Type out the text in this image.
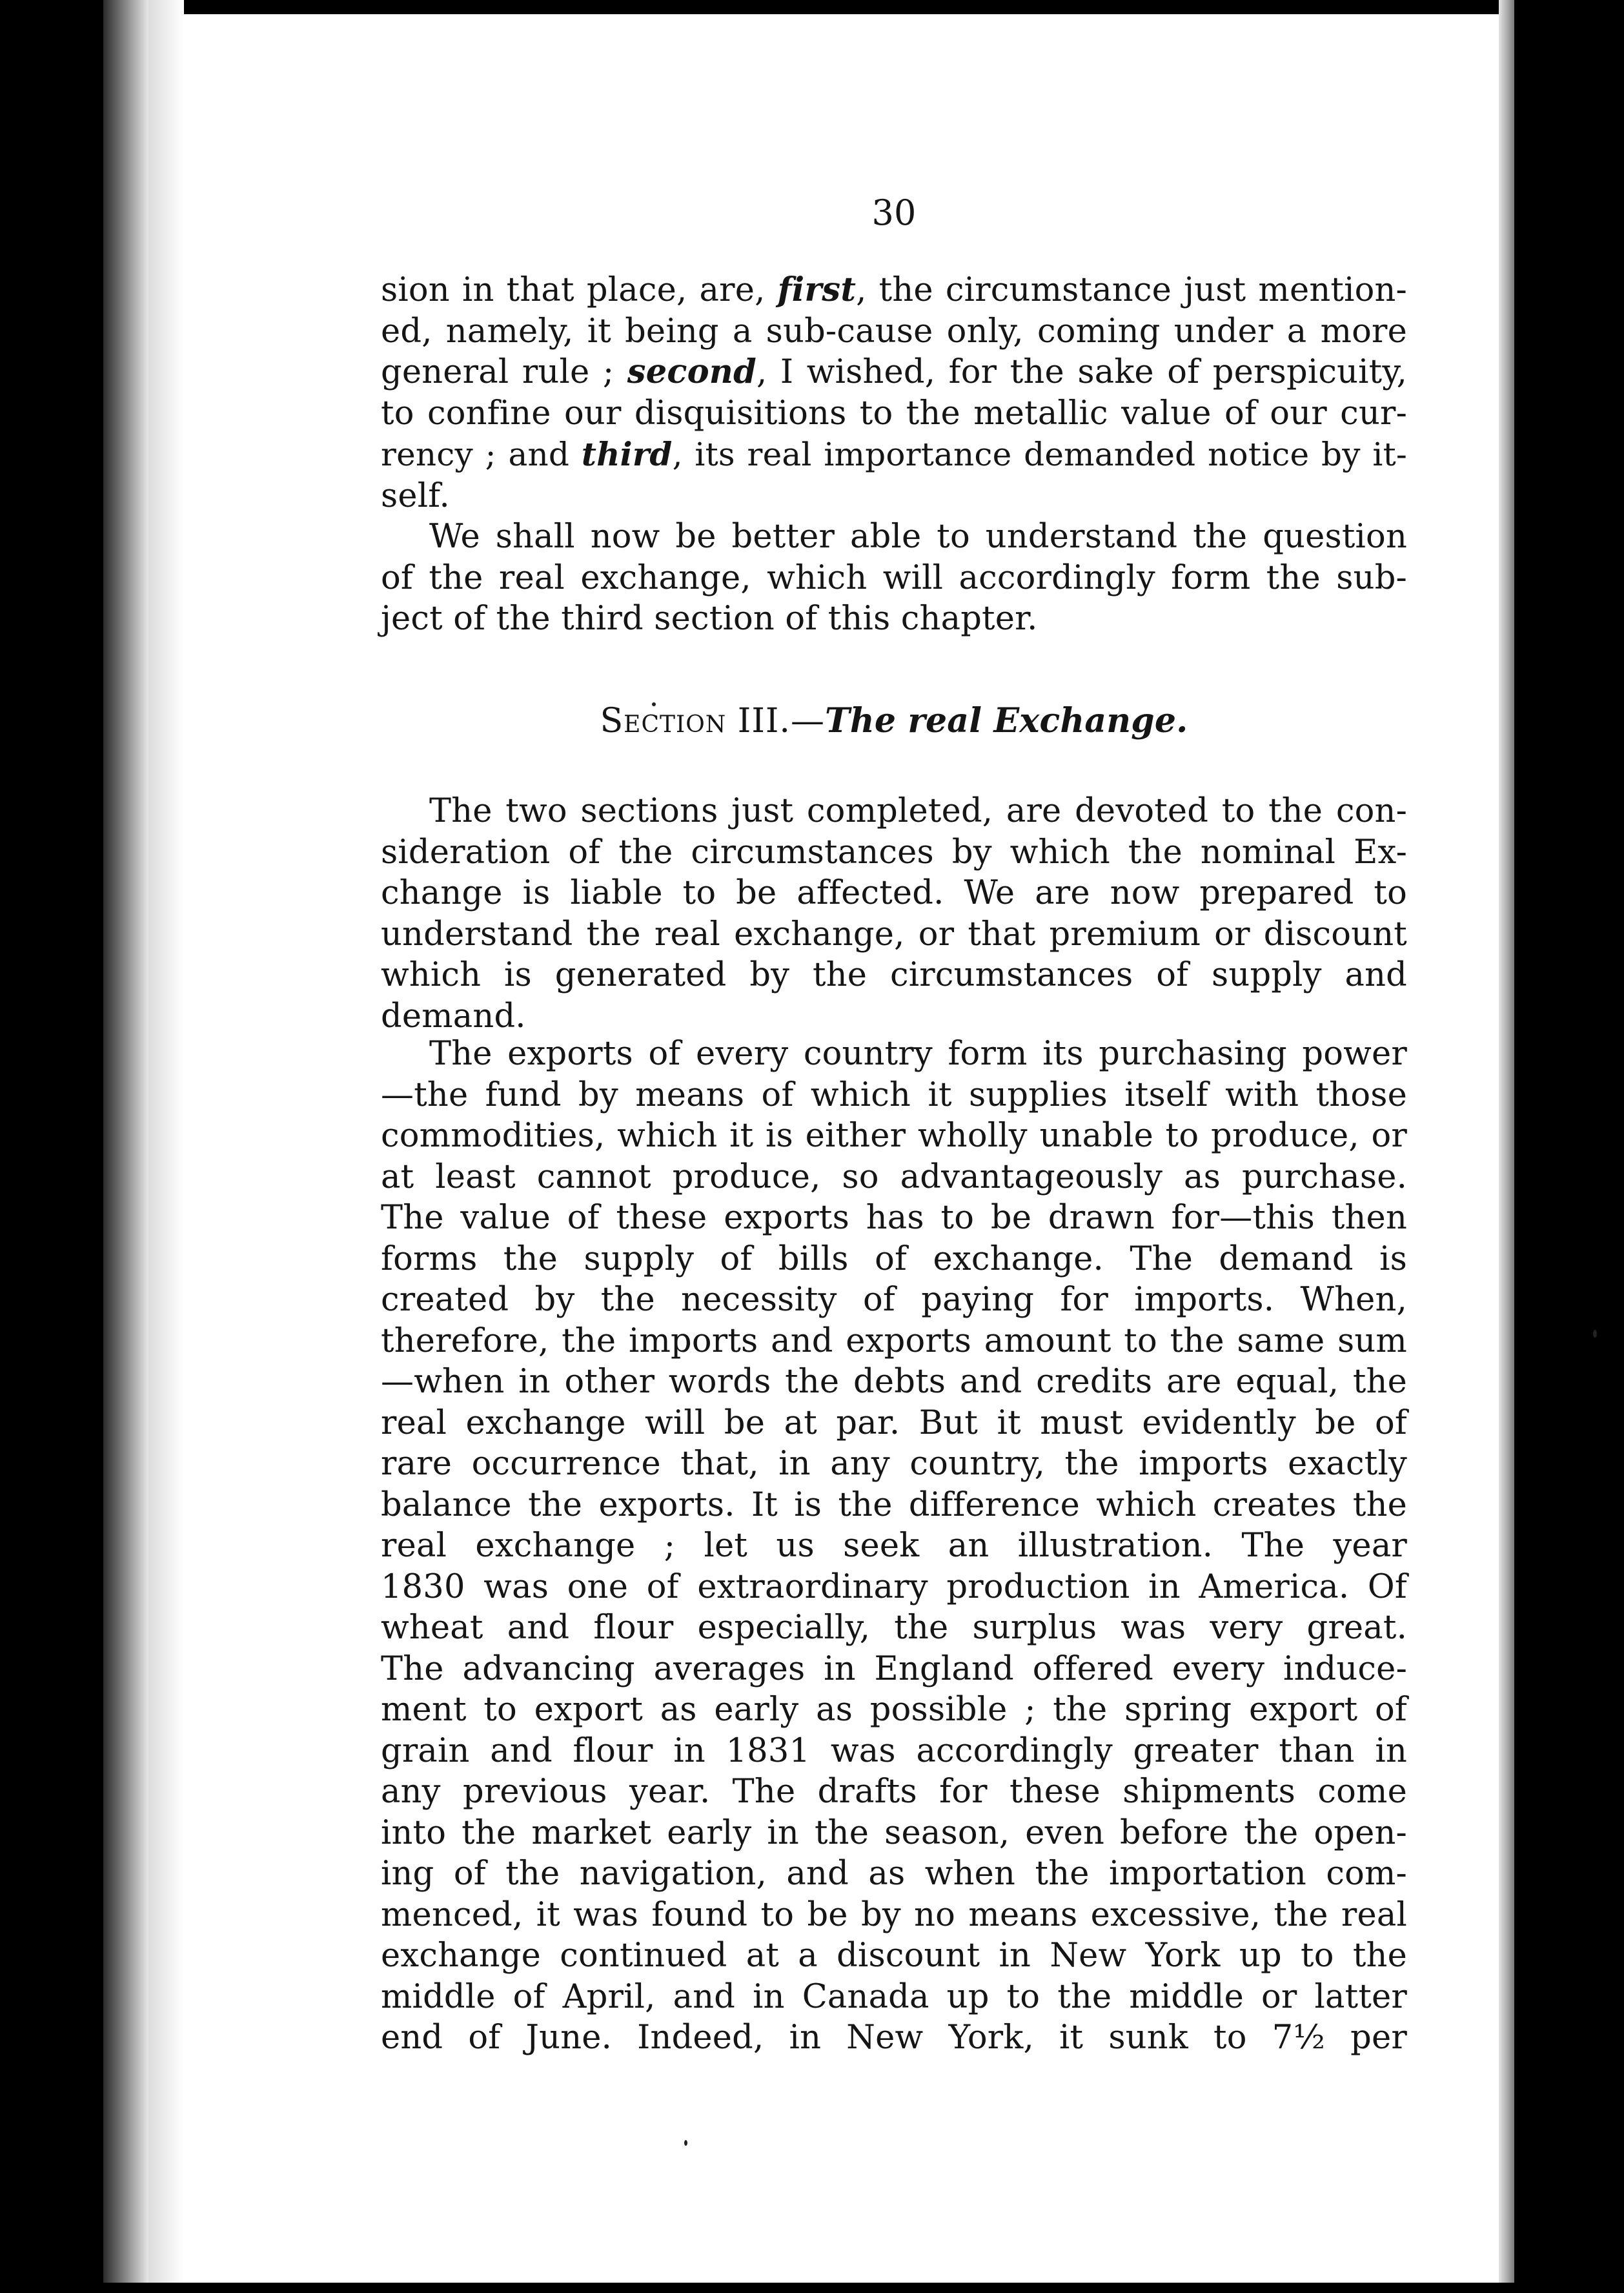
30
sion in that place, are, first, the circumstance just mention-
ed, namely, it being a sub-cause only, coming under a more
general rule ; second, I wished, for the sake of perspicuity,
to confine our disquisitions to the metallic value of our cur-
rency ; and third, its real importance demanded notice by it-
self.
We shall now be better able to understand the question
of the real exchange, which will accordingly form the sub-
ject of the third section of this chapter.
Section III.—The real Exchange.
The two sections just completed, are devoted to the con-
sideration of the circumstances by which the nominal Ex-
change is liable to be affected. We are now prepared to
understand the real exchange, or that premium or discount
which is generated by the circumstances of supply and
demand.
The exports of every country form its purchasing power
—the fund by means of which it supplies itself with those
commodities, which it is either wholly unable to produce, or
at least cannot produce, so advantageously as purchase.
The value of these exports has to be drawn for—this then
forms the supply of bills of exchange. The demand is
created by the necessity of paying for imports. When,
therefore, the imports and exports amount to the same sum
—when in other words the debts and credits are equal, the
real exchange will be at par. But it must evidently be of
rare occurrence that, in any country, the imports exactly
balance the exports. It is the difference which creates the
real exchange ; let us seek an illustration. The year
1830 was one of extraordinary production in America. Of
wheat and flour especially, the surplus was very great.
The advancing averages in England offered every induce-
ment to export as early as possible ; the spring export of
grain and flour in 1831 was accordingly greater than in
any previous year. The drafts for these shipments come
into the market early in the season, even before the open-
ing of the navigation, and as when the importation com-
menced, it was found to be by no means excessive, the real
exchange continued at a discount in New York up to the
middle of April, and in Canada up to the middle or latter
end of June. Indeed, in New York, it sunk to 7½ per
